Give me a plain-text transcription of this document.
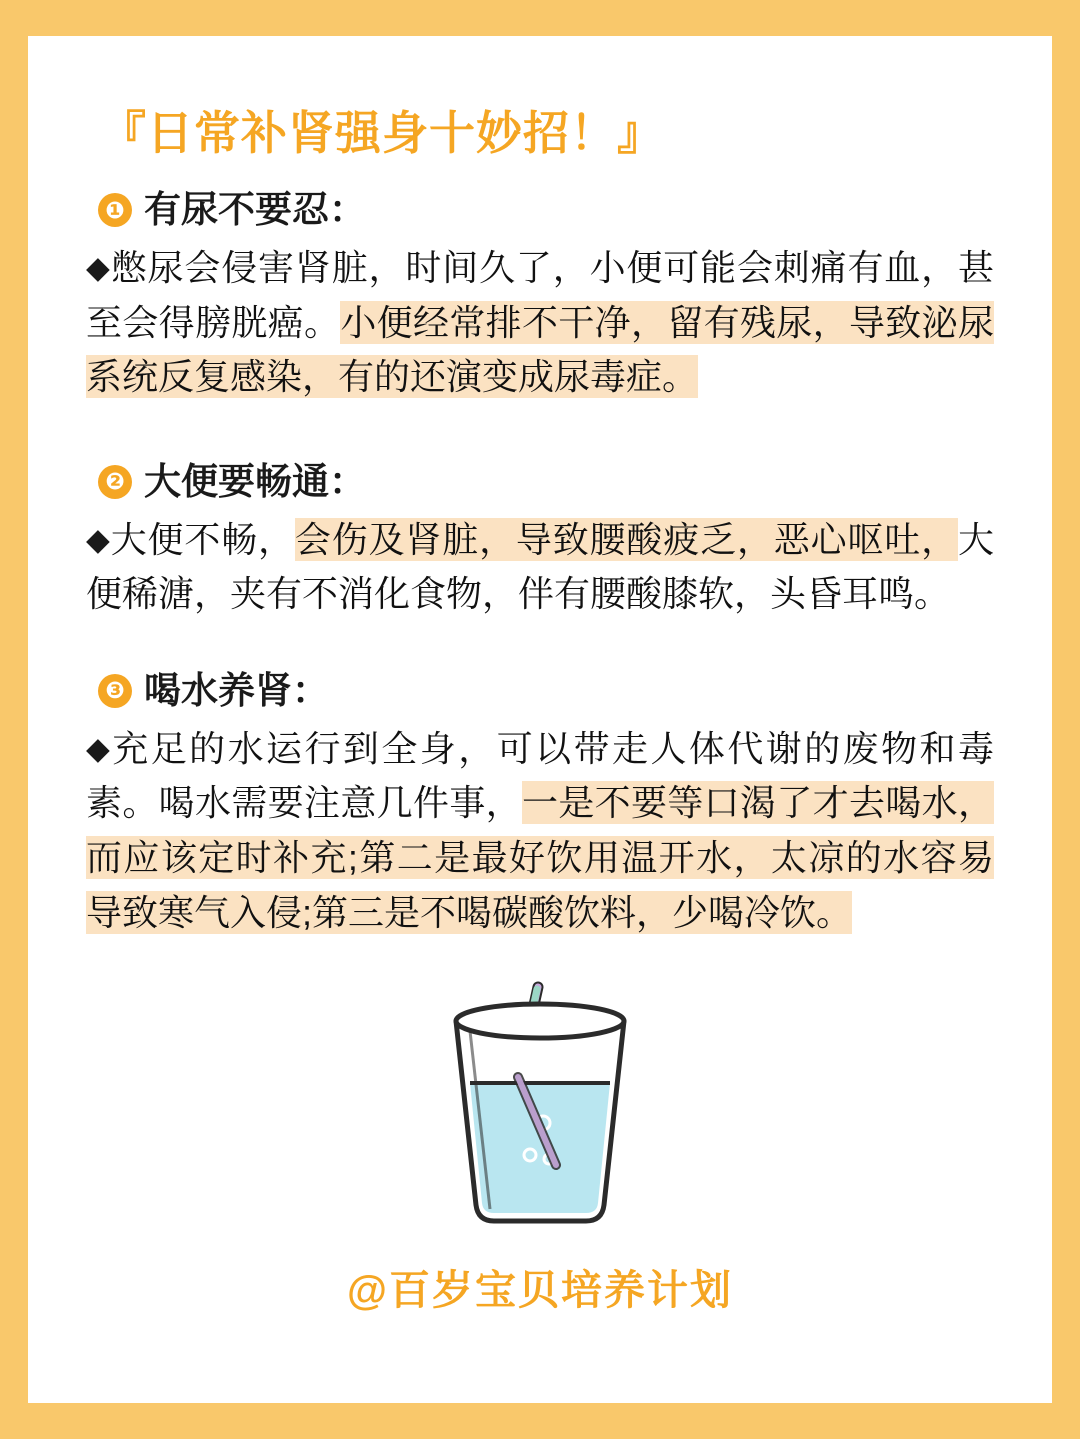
『日常补肾强身十妙招！』
❶ 有尿不要忍：

◆憋尿会侵害肾脏，时间久了，小便可能会刺痛有血，甚至会得膀胱癌。小便经常排不干净，留有残尿，导致泌尿系统反复感染，有的还演变成尿毒症。

❷ 大便要畅通：

◆大便不畅，会伤及肾脏，导致腰酸疲乏，恶心呕吐，大便稀溏，夹有不消化食物，伴有腰酸膝软，头昏耳鸣。

❸ 喝水养肾：

◆充足的水运行到全身，可以带走人体代谢的废物和毒素。喝水需要注意几件事，一是不要等口渴了才去喝水，而应该定时补充;第二是最好饮用温开水，太凉的水容易导致寒气入侵;第三是不喝碳酸饮料，少喝冷饮。

@百岁宝贝培养计划
